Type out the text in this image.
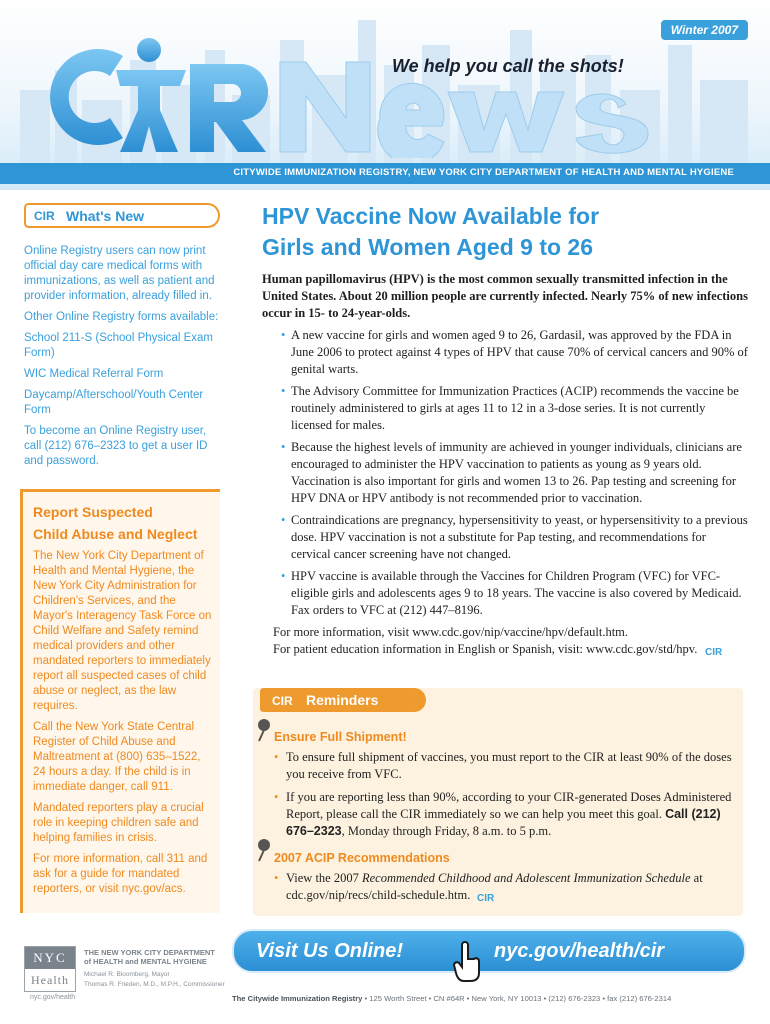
Winter 2007
We help you call the shots!
CITYWIDE IMMUNIZATION REGISTRY, NEW YORK CITY DEPARTMENT OF HEALTH AND MENTAL HYGIENE
CIR What's New

Online Registry users can now print official day care medical forms with immunizations, as well as patient and provider information, already filled in.

Other Online Registry forms available:

School 211-S (School Physical Exam Form)

WIC Medical Referral Form

Daycamp/Afterschool/Youth Center Form

To become an Online Registry user, call (212) 676–2323 to get a user ID and password.

Report Suspected
Child Abuse and Neglect

The New York City Department of Health and Mental Hygiene, the New York City Administration for Children's Services, and the Mayor's Interagency Task Force on Child Welfare and Safety remind medical providers and other mandated reporters to immediately report all suspected cases of child abuse or neglect, as the law requires.

Call the New York State Central Register of Child Abuse and Maltreatment at (800) 635–1522, 24 hours a day. If the child is in immediate danger, call 911.

Mandated reporters play a crucial role in keeping children safe and helping families in crisis.

For more information, call 311 and ask for a guide for mandated reporters, or visit nyc.gov/acs.

HPV Vaccine Now Available for
Girls and Women Aged 9 to 26

Human papillomavirus (HPV) is the most common sexually transmitted infection in the United States. About 20 million people are currently infected. Nearly 75% of new infections occur in 15- to 24-year-olds.

• A new vaccine for girls and women aged 9 to 26, Gardasil, was approved by the FDA in June 2006 to protect against 4 types of HPV that cause 70% of cervical cancers and 90% of genital warts.
• The Advisory Committee for Immunization Practices (ACIP) recommends the vaccine be routinely administered to girls at ages 11 to 12 in a 3-dose series. It is not currently licensed for males.
• Because the highest levels of immunity are achieved in younger individuals, clinicians are encouraged to administer the HPV vaccination to patients as young as 9 years old. Vaccination is also important for girls and women 13 to 26. Pap testing and screening for HPV DNA or HPV antibody is not recommended prior to vaccination.
• Contraindications are pregnancy, hypersensitivity to yeast, or hypersensitivity to a previous dose. HPV vaccination is not a substitute for Pap testing, and recommendations for cervical cancer screening have not changed.
• HPV vaccine is available through the Vaccines for Children Program (VFC) for VFC-eligible girls and adolescents ages 9 to 18 years. The vaccine is also covered by Medicaid. Fax orders to VFC at (212) 447–8196.

For more information, visit www.cdc.gov/nip/vaccine/hpv/default.htm.

For patient education information in English or Spanish, visit: www.cdc.gov/std/hpv. CIR

CIR Reminders
Ensure Full Shipment!
• To ensure full shipment of vaccines, you must report to the CIR at least 90% of the doses you receive from VFC.
• If you are reporting less than 90%, according to your CIR-generated Doses Administered Report, please call the CIR immediately so we can help you meet this goal. Call (212) 676–2323, Monday through Friday, 8 a.m. to 5 p.m.
2007 ACIP Recommendations
• View the 2007 Recommended Childhood and Adolescent Immunization Schedule at cdc.gov/nip/recs/child-schedule.htm. CIR
Visit Us Online!	nyc.gov/health/cir
NYC
Health
nyc.gov/health
THE NEW YORK CITY DEPARTMENT
of HEALTH and MENTAL HYGIENE
Michael R. Bloomberg, Mayor
Thomas R. Frieden, M.D., M.P.H., Commissioner
The Citywide Immunization Registry • 125 Worth Street • CN #64R • New York, NY 10013 • (212) 676-2323 • fax (212) 676-2314
